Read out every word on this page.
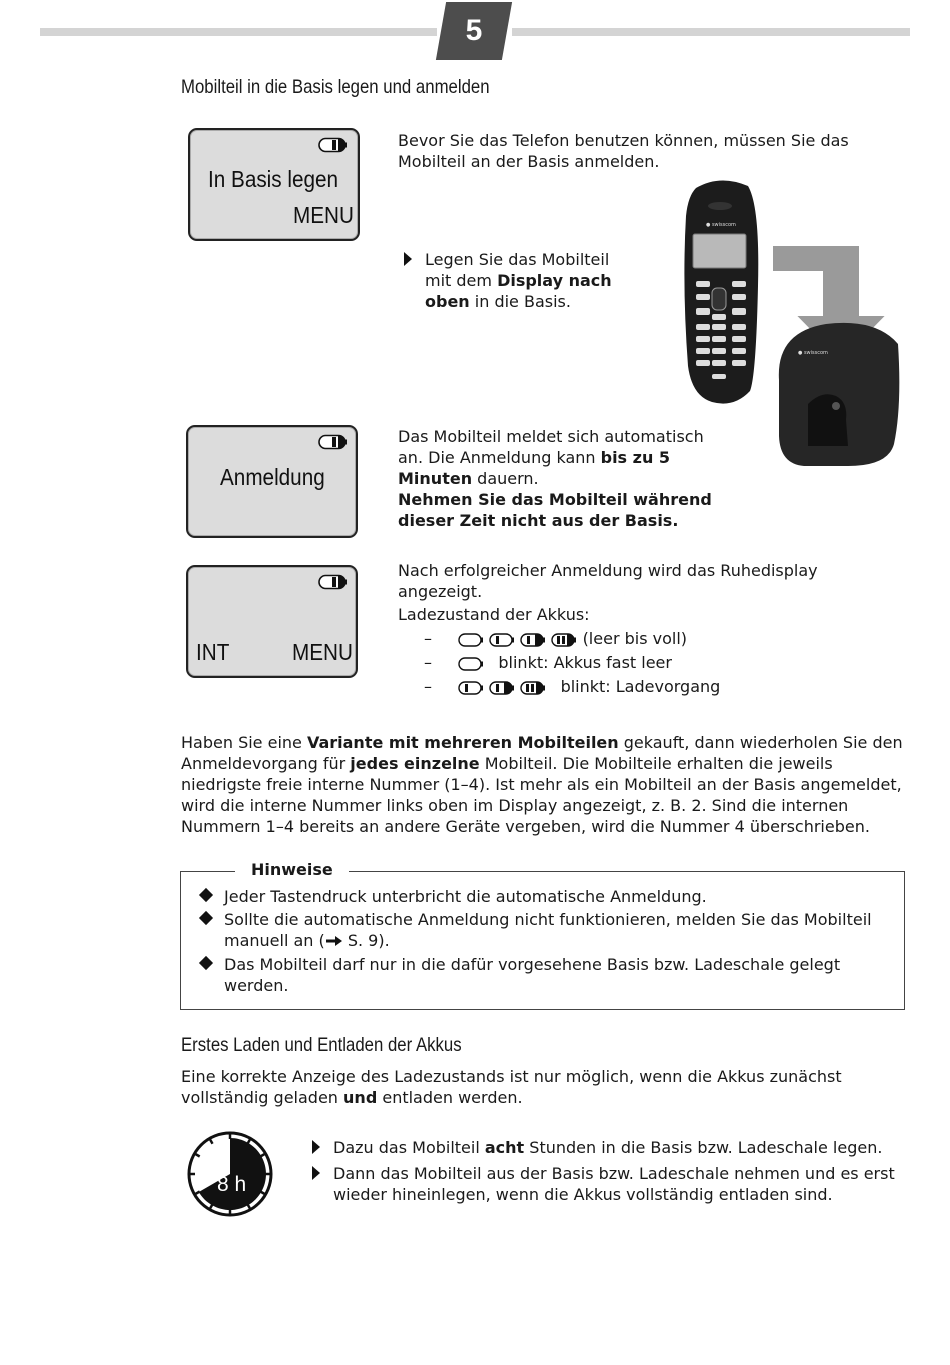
5
Mobilteil in die Basis legen und anmelden
In Basis legen
MENU
Bevor Sie das Telefon benutzen können, müssen Sie das Mobilteil an der Basis anmelden.
Legen Sie das Mobilteil mit dem Display nach oben in die Basis.
● swisscom
● swisscom
Anmeldung
Das Mobilteil meldet sich automatisch an. Die Anmeldung kann bis zu 5 Minuten dauern.
Nehmen Sie das Mobilteil während dieser Zeit nicht aus der Basis.
INT	MENU
Nach erfolgreicher Anmeldung wird das Ruhedisplay angezeigt.
Ladezustand der Akkus:
–	(leer bis voll)
–	blinkt: Akkus fast leer
–	blinkt: Ladevorgang
Haben Sie eine Variante mit mehreren Mobilteilen gekauft, dann wiederholen Sie den Anmeldevorgang für jedes einzelne Mobilteil. Die Mobilteile erhalten die jeweils niedrigste freie interne Nummer (1–4). Ist mehr als ein Mobilteil an der Basis angemeldet, wird die interne Nummer links oben im Display angezeigt, z. B. 2. Sind die internen Nummern 1–4 bereits an andere Geräte vergeben, wird die Nummer 4 überschrieben.
Hinweise
Jeder Tastendruck unterbricht die automatische Anmeldung.
Sollte die automatische Anmeldung nicht funktionieren, melden Sie das Mobilteil manuell an ( S. 9).
Das Mobilteil darf nur in die dafür vorgesehene Basis bzw. Ladeschale gelegt werden.
Erstes Laden und Entladen der Akkus
Eine korrekte Anzeige des Ladezustands ist nur möglich, wenn die Akkus zunächst vollständig geladen und entladen werden.
8 h
Dazu das Mobilteil acht Stunden in die Basis bzw. Ladeschale legen.
Dann das Mobilteil aus der Basis bzw. Ladeschale nehmen und es erst wieder hineinlegen, wenn die Akkus vollständig entladen sind.
